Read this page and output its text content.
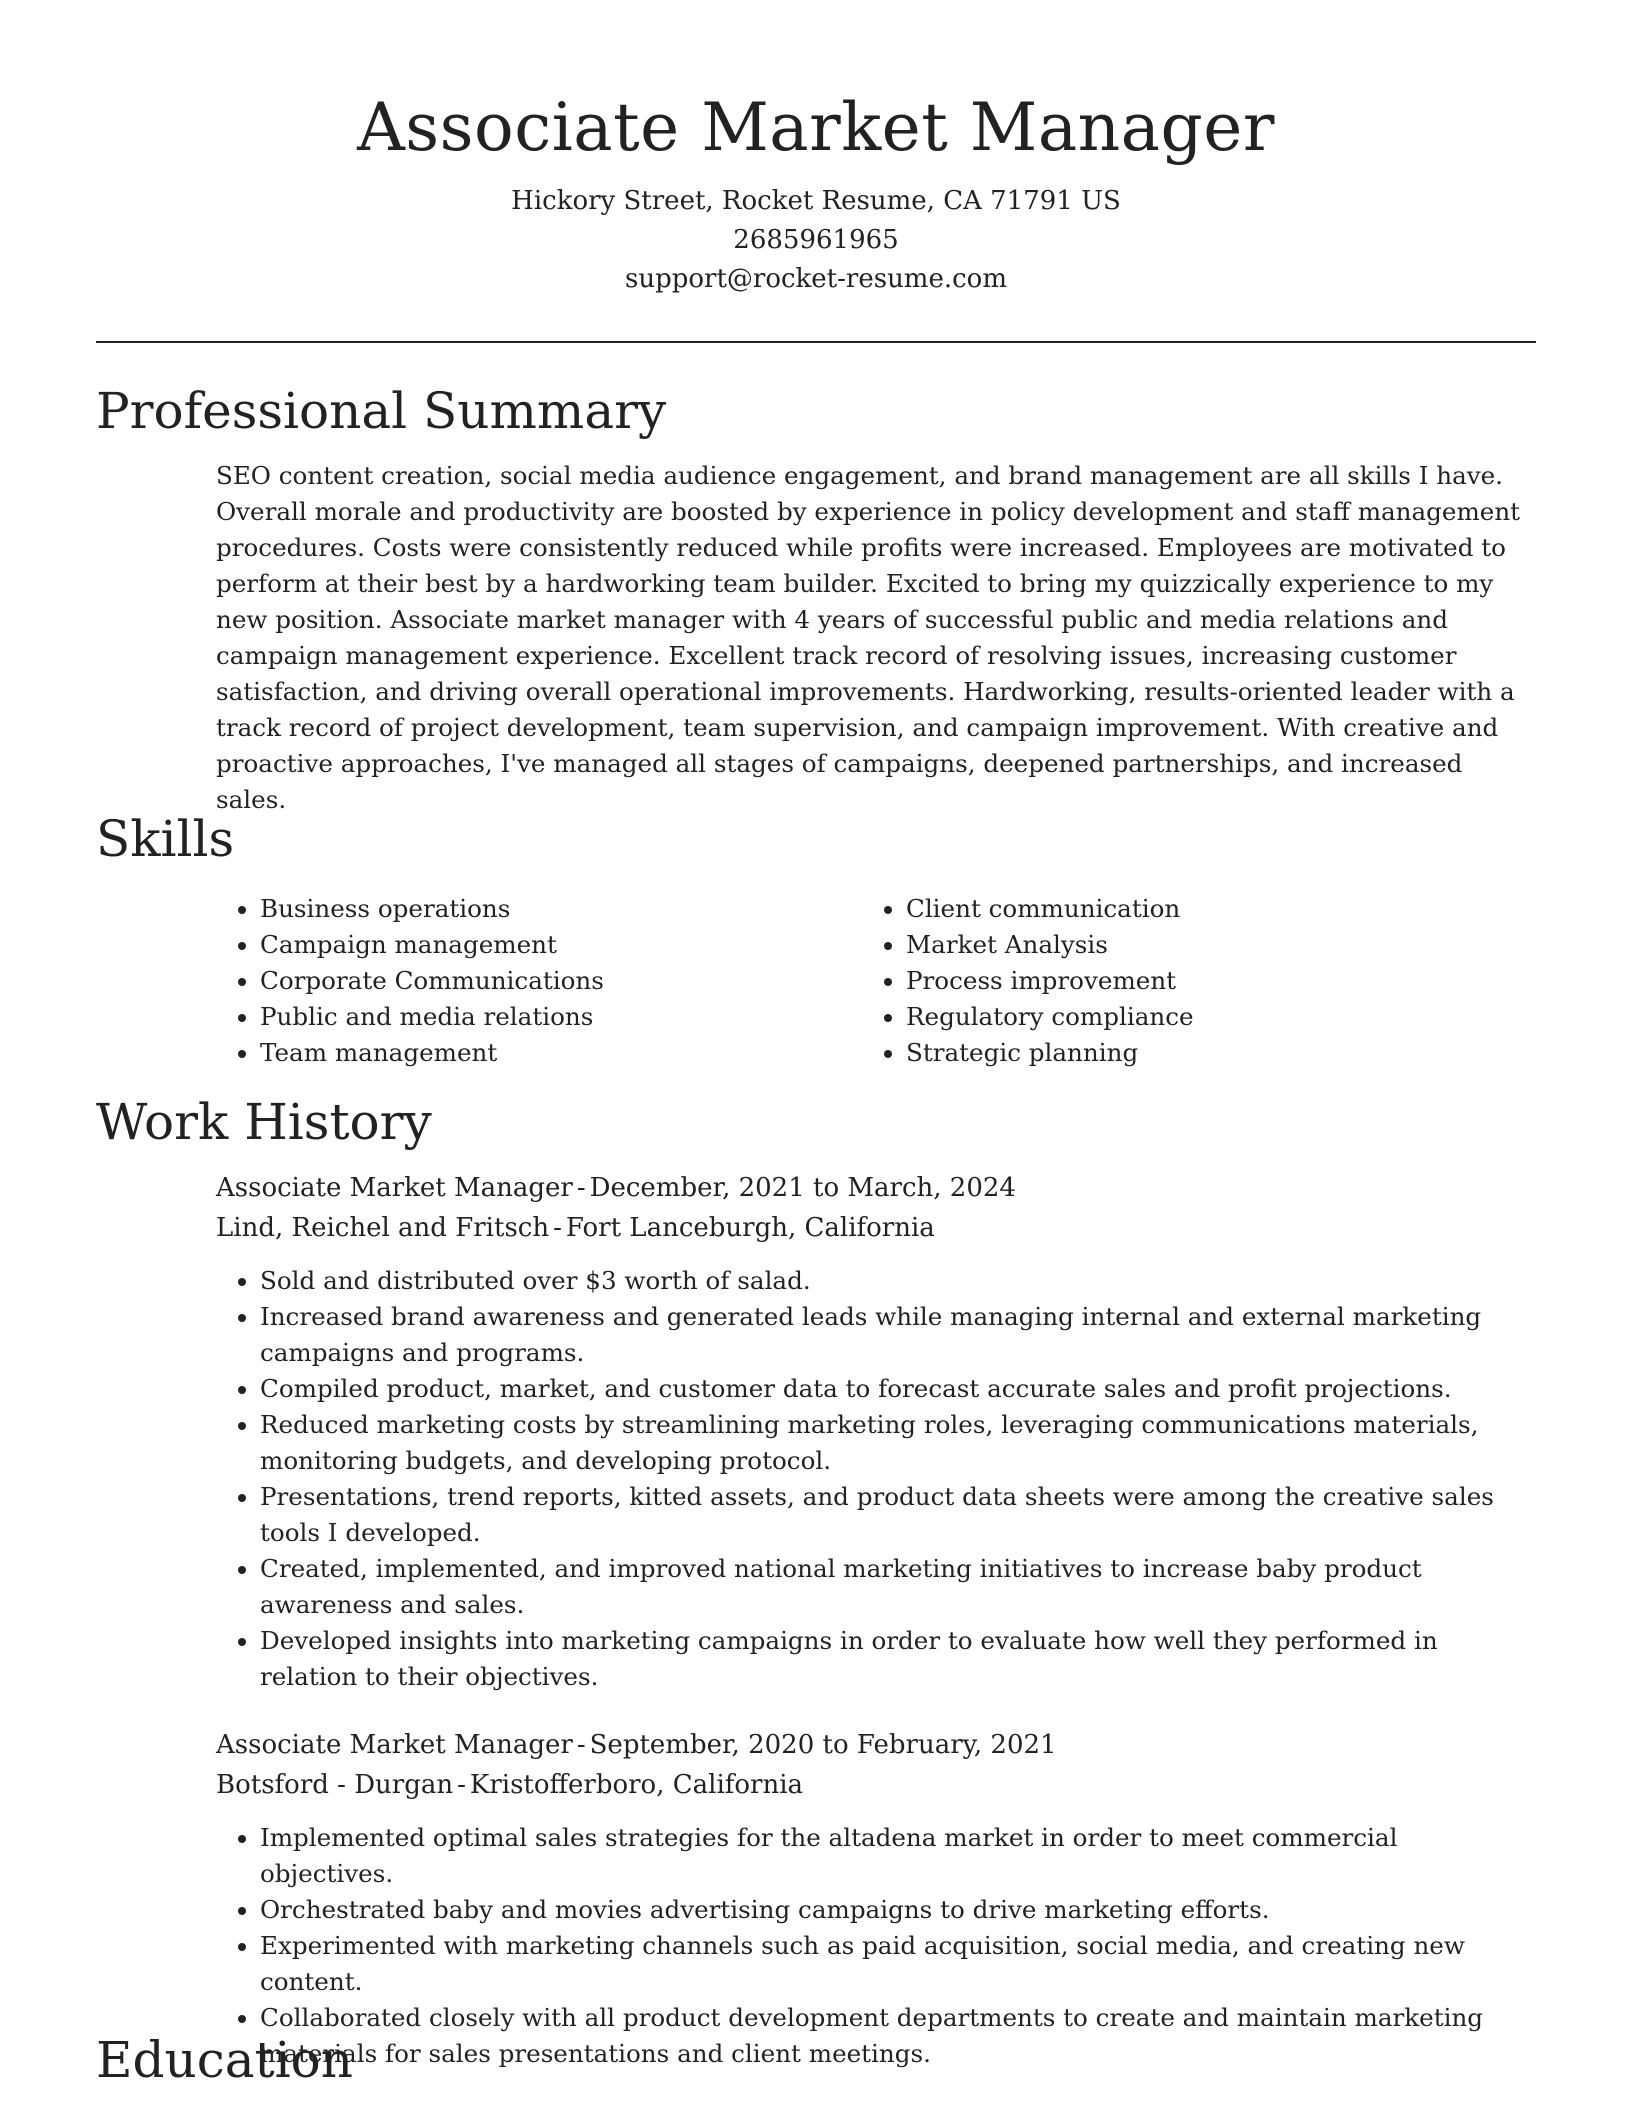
Associate Market Manager
Hickory Street, Rocket Resume, CA 71791 US
2685961965
support@rocket-resume.com
Professional Summary

SEO content creation, social media audience engagement, and brand management are all skills I have. Overall morale and productivity are boosted by experience in policy development and staff management procedures. Costs were consistently reduced while profits were increased. Employees are motivated to perform at their best by a hardworking team builder. Excited to bring my quizzically experience to my new position. Associate market manager with 4 years of successful public and media relations and campaign management experience. Excellent track record of resolving issues, increasing customer satisfaction, and driving overall operational improvements. Hardworking, results-oriented leader with a track record of project development, team supervision, and campaign improvement. With creative and proactive approaches, I've managed all stages of campaigns, deepened partnerships, and increased sales.

Skills
• Business operations
• Campaign management
• Corporate Communications
• Public and media relations
• Team management
• Client communication
• Market Analysis
• Process improvement
• Regulatory compliance
• Strategic planning
Work History
Associate Market Manager - December, 2021 to March, 2024
Lind, Reichel and Fritsch - Fort Lanceburgh, California
• Sold and distributed over $3 worth of salad.
• Increased brand awareness and generated leads while managing internal and external marketing campaigns and programs.
• Compiled product, market, and customer data to forecast accurate sales and profit projections.
• Reduced marketing costs by streamlining marketing roles, leveraging communications materials, monitoring budgets, and developing protocol.
• Presentations, trend reports, kitted assets, and product data sheets were among the creative sales tools I developed.
• Created, implemented, and improved national marketing initiatives to increase baby product awareness and sales.
• Developed insights into marketing campaigns in order to evaluate how well they performed in relation to their objectives.
Associate Market Manager - September, 2020 to February, 2021
Botsford - Durgan - Kristofferboro, California
• Implemented optimal sales strategies for the altadena market in order to meet commercial objectives.
• Orchestrated baby and movies advertising campaigns to drive marketing efforts.
• Experimented with marketing channels such as paid acquisition, social media, and creating new content.
• Collaborated closely with all product development departments to create and maintain marketing materials for sales presentations and client meetings.
Education
